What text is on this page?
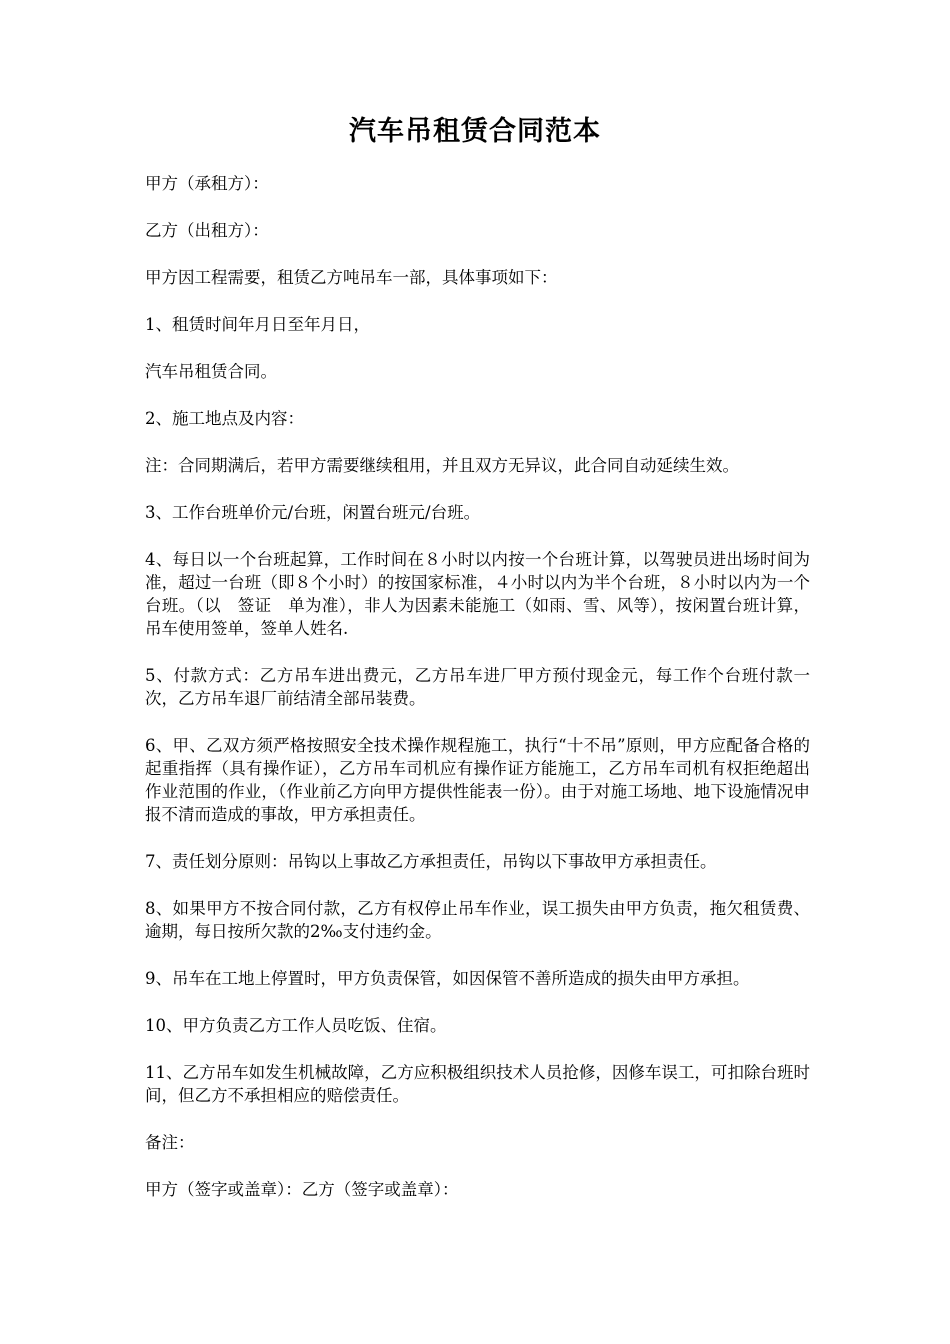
汽车吊租赁合同范本

甲方（承租方）：

乙方（出租方）：

甲方因工程需要，租赁乙方吨吊车一部，具体事项如下：

1、租赁时间年月日至年月日，

汽车吊租赁合同。

2、施工地点及内容：

注：合同期满后，若甲方需要继续租用，并且双方无异议，此合同自动延续生效。

3、工作台班单价元/台班，闲置台班元/台班。

4、每日以一个台班起算，工作时间在８小时以内按一个台班计算，以驾驶员进出场时间为准，超过一台班（即８个小时）的按国家标准，４小时以内为半个台班，８小时以内为一个台班。（以　签证　单为准），非人为因素未能施工（如雨、雪、风等），按闲置台班计算，吊车使用签单，签单人姓名.

5、付款方式：乙方吊车进出费元，乙方吊车进厂甲方预付现金元，每工作个台班付款一次，乙方吊车退厂前结清全部吊装费。

6、甲、乙双方须严格按照安全技术操作规程施工，执行“十不吊”原则，甲方应配备合格的起重指挥（具有操作证），乙方吊车司机应有操作证方能施工，乙方吊车司机有权拒绝超出作业范围的作业，（作业前乙方向甲方提供性能表一份）。由于对施工场地、地下设施情况申报不清而造成的事故，甲方承担责任。

7、责任划分原则：吊钩以上事故乙方承担责任，吊钩以下事故甲方承担责任。

8、如果甲方不按合同付款，乙方有权停止吊车作业，误工损失由甲方负责，拖欠租赁费、逾期，每日按所欠款的2‰支付违约金。

9、吊车在工地上停置时，甲方负责保管，如因保管不善所造成的损失由甲方承担。

10、甲方负责乙方工作人员吃饭、住宿。

11、乙方吊车如发生机械故障，乙方应积极组织技术人员抢修，因修车误工，可扣除台班时间，但乙方不承担相应的赔偿责任。

备注：

甲方（签字或盖章）：乙方（签字或盖章）：
